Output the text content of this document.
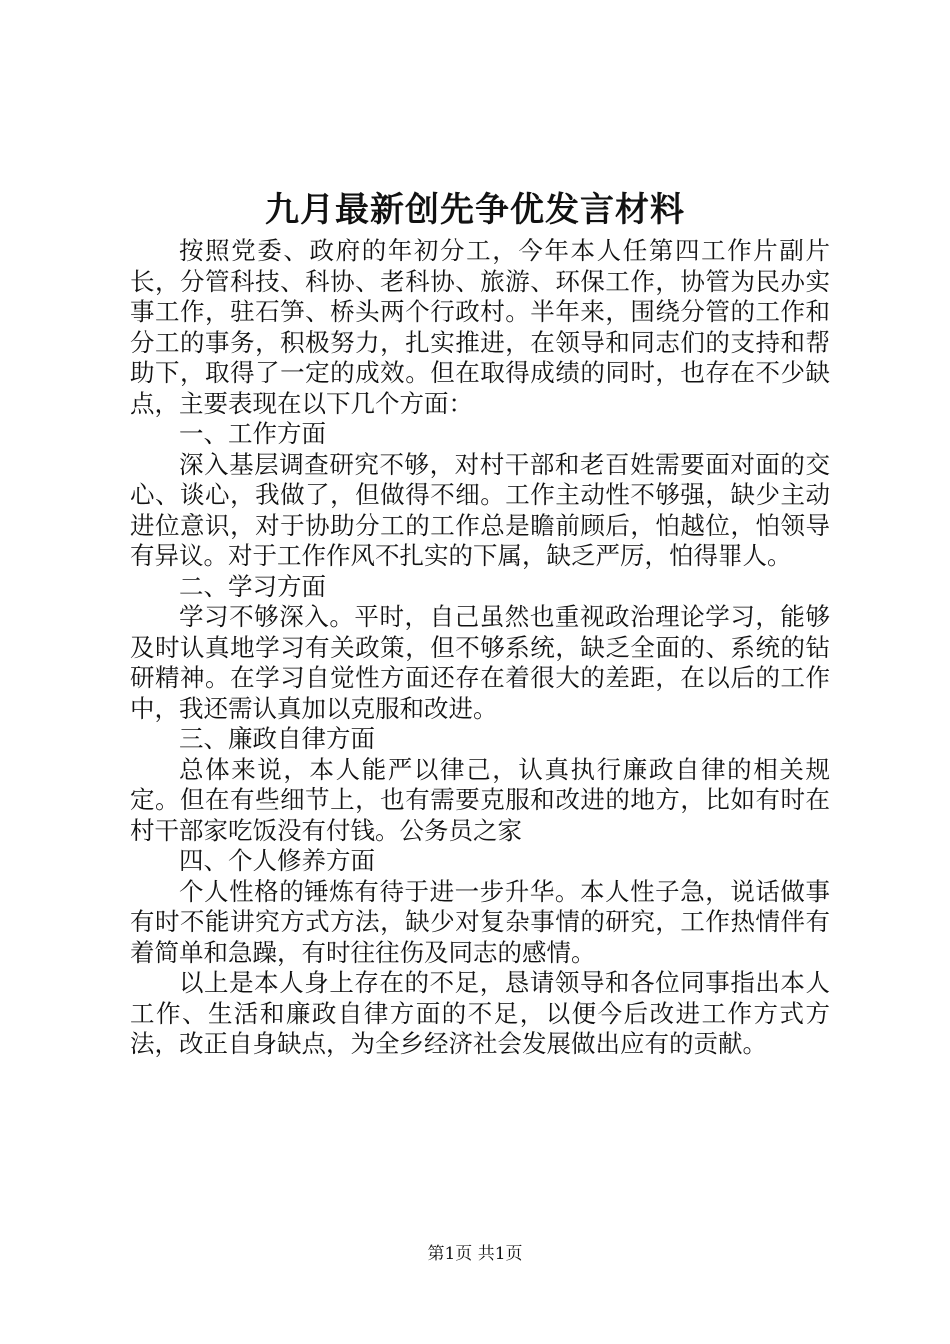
九月最新创先争优发言材料

按照党委、政府的年初分工，今年本人任第四工作片副片长，分管科技、科协、老科协、旅游、环保工作，协管为民办实事工作，驻石笋、桥头两个行政村。半年来，围绕分管的工作和分工的事务，积极努力，扎实推进，在领导和同志们的支持和帮助下，取得了一定的成效。但在取得成绩的同时，也存在不少缺点，主要表现在以下几个方面：

一、工作方面

深入基层调查研究不够，对村干部和老百姓需要面对面的交心、谈心，我做了，但做得不细。工作主动性不够强，缺少主动进位意识，对于协助分工的工作总是瞻前顾后，怕越位，怕领导有异议。对于工作作风不扎实的下属，缺乏严厉，怕得罪人。

二、学习方面

学习不够深入。平时，自己虽然也重视政治理论学习，能够及时认真地学习有关政策，但不够系统，缺乏全面的、系统的钻研精神。在学习自觉性方面还存在着很大的差距，在以后的工作中，我还需认真加以克服和改进。

三、廉政自律方面

总体来说，本人能严以律己，认真执行廉政自律的相关规定。但在有些细节上，也有需要克服和改进的地方，比如有时在村干部家吃饭没有付钱。公务员之家

四、个人修养方面

个人性格的锤炼有待于进一步升华。本人性子急，说话做事有时不能讲究方式方法，缺少对复杂事情的研究，工作热情伴有着简单和急躁，有时往往伤及同志的感情。

以上是本人身上存在的不足，恳请领导和各位同事指出本人工作、生活和廉政自律方面的不足，以便今后改进工作方式方法，改正自身缺点，为全乡经济社会发展做出应有的贡献。

第1页 共1页
